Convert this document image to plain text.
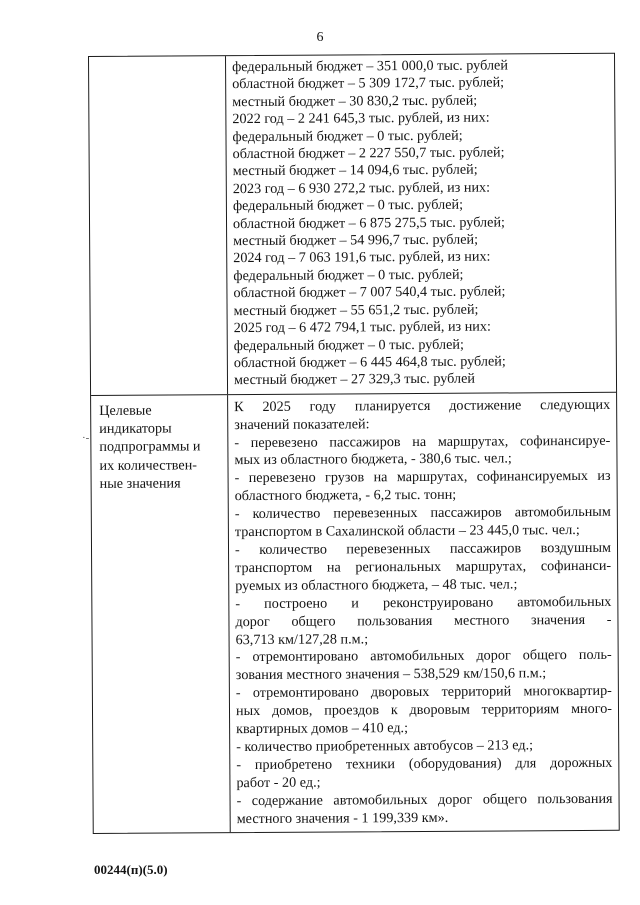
6
федеральный бюджет – 351 000,0 тыс. рублей
областной бюджет – 5 309 172,7 тыс. рублей;
местный бюджет – 30 830,2 тыс. рублей;
2022 год – 2 241 645,3 тыс. рублей, из них:
федеральный бюджет – 0 тыс. рублей;
областной бюджет – 2 227 550,7 тыс. рублей;
местный бюджет – 14 094,6 тыс. рублей;
2023 год – 6 930 272,2 тыс. рублей, из них:
федеральный бюджет – 0 тыс. рублей;
областной бюджет – 6 875 275,5 тыс. рублей;
местный бюджет – 54 996,7 тыс. рублей;
2024 год – 7 063 191,6 тыс. рублей, из них:
федеральный бюджет – 0 тыс. рублей;
областной бюджет – 7 007 540,4 тыс. рублей;
местный бюджет – 55 651,2 тыс. рублей;
2025 год – 6 472 794,1 тыс. рублей, из них:
федеральный бюджет – 0 тыс. рублей;
областной бюджет – 6 445 464,8 тыс. рублей;
местный бюджет – 27 329,3 тыс. рублей
Целевые
индикаторы
подпрограммы и
их количествен-
ные значения
К 2025 году планируется достижение следующих
значений показателей:
- перевезено пассажиров на маршрутах, софинансируе-
мых из областного бюджета, - 380,6 тыс. чел.;
- перевезено грузов на маршрутах, софинансируемых из
областного бюджета, - 6,2 тыс. тонн;
- количество перевезенных пассажиров автомобильным
транспортом в Сахалинской области – 23 445,0 тыс. чел.;
- количество перевезенных пассажиров воздушным
транспортом на региональных маршрутах, софинанси-
руемых из областного бюджета, – 48 тыс. чел.;
- построено и реконструировано автомобильных
дорог общего пользования местного значения -
63,713 км/127,28 п.м.;
- отремонтировано автомобильных дорог общего поль-
зования местного значения – 538,529 км/150,6 п.м.;
- отремонтировано дворовых территорий многоквартир-
ных домов, проездов к дворовым территориям много-
квартирных домов – 410 ед.;
- количество приобретенных автобусов – 213 ед.;
- приобретено техники (оборудования) для дорожных
работ - 20 ед.;
- содержание автомобильных дорог общего пользования
местного значения - 1 199,339 км».
·-
00244(п)(5.0)
